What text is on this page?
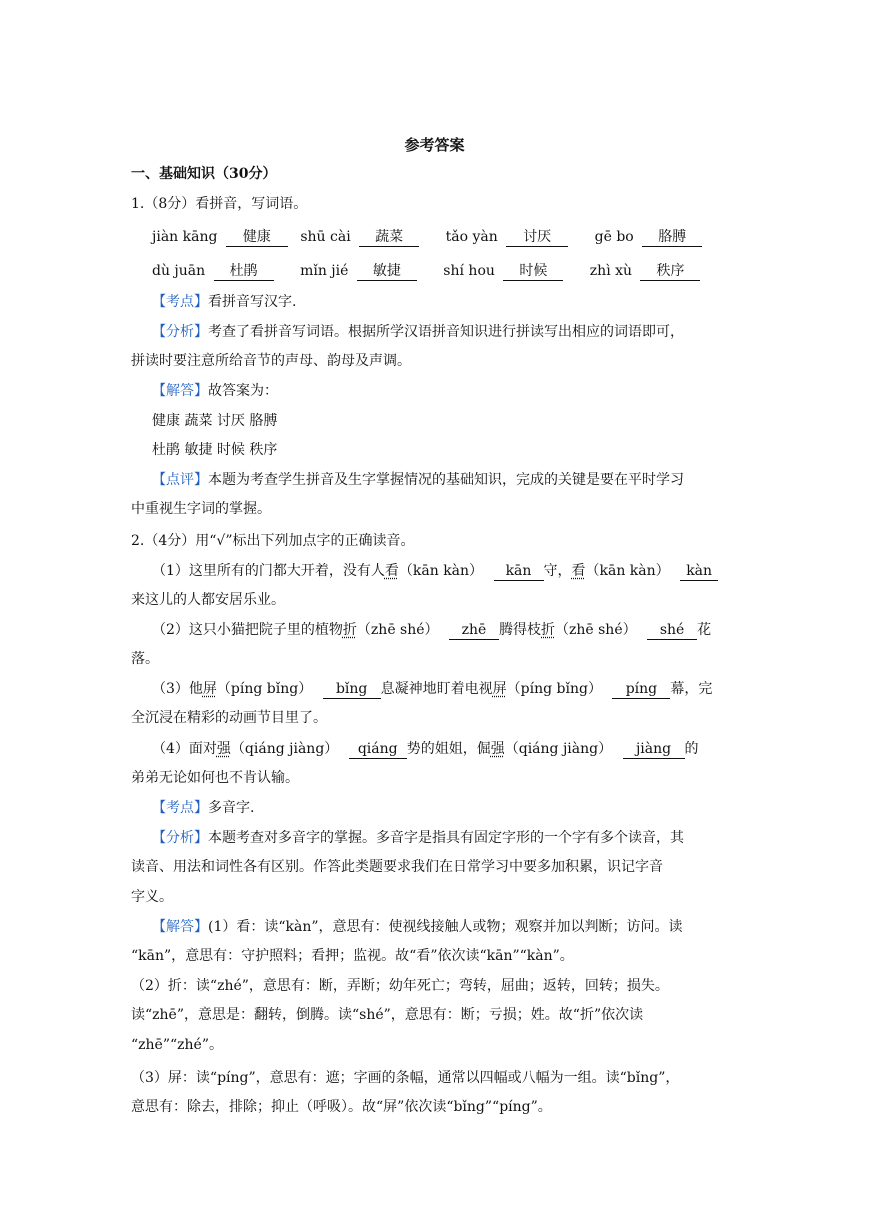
参考答案
一、基础知识（30分）
1.（8分）看拼音，写词语。
jiàn kāng 健康 shū cài 蔬菜	tǎo yàn 讨厌	gē bo 胳膊
dù juān 杜鹃	mǐn jié 敏捷	shí hou 时候	zhì xù 秩序
【考点】看拼音写汉字.
【分析】考查了看拼音写词语。根据所学汉语拼音知识进行拼读写出相应的词语即可，
拼读时要注意所给音节的声母、韵母及声调。
【解答】故答案为：
健康 蔬菜 讨厌 胳膊
杜鹃 敏捷 时候 秩序
【点评】本题为考查学生拼音及生字掌握情况的基础知识，完成的关键是要在平时学习
中重视生字词的掌握。
2.（4分）用“√”标出下列加点字的正确读音。
（1）这里所有的门都大开着，没有人看（kān kàn） kān 守，看（kān kàn） kàn
来这儿的人都安居乐业。
（2）这只小猫把院子里的植物折（zhē shé） zhē 腾得枝折（zhē shé） shé 花
落。
（3）他屏（píng bǐng） bǐng 息凝神地盯着电视屏（píng bǐng） píng 幕，完
全沉浸在精彩的动画节目里了。
（4）面对强（qiáng jiàng） qiáng 势的姐姐，倔强（qiáng jiàng） jiàng 的
弟弟无论如何也不肯认输。
【考点】多音字.
【分析】本题考查对多音字的掌握。多音字是指具有固定字形的一个字有多个读音，其
读音、用法和词性各有区别。作答此类题要求我们在日常学习中要多加积累，识记字音
字义。
【解答】(1）看：读“kàn”，意思有：使视线接触人或物；观察并加以判断；访问。读
“kān”，意思有：守护照料；看押；监视。故“看”依次读“kān”“kàn”。
（2）折：读“zhé”，意思有：断，弄断；幼年死亡；弯转，屈曲；返转，回转；损失。
读“zhē”，意思是：翻转，倒腾。读“shé”，意思有：断；亏损；姓。故“折”依次读
“zhē”“zhé”。
（3）屏：读“píng”，意思有：遮；字画的条幅，通常以四幅或八幅为一组。读“bǐng”，
意思有：除去，排除；抑止（呼吸）。故“屏”依次读“bǐng”“píng”。
